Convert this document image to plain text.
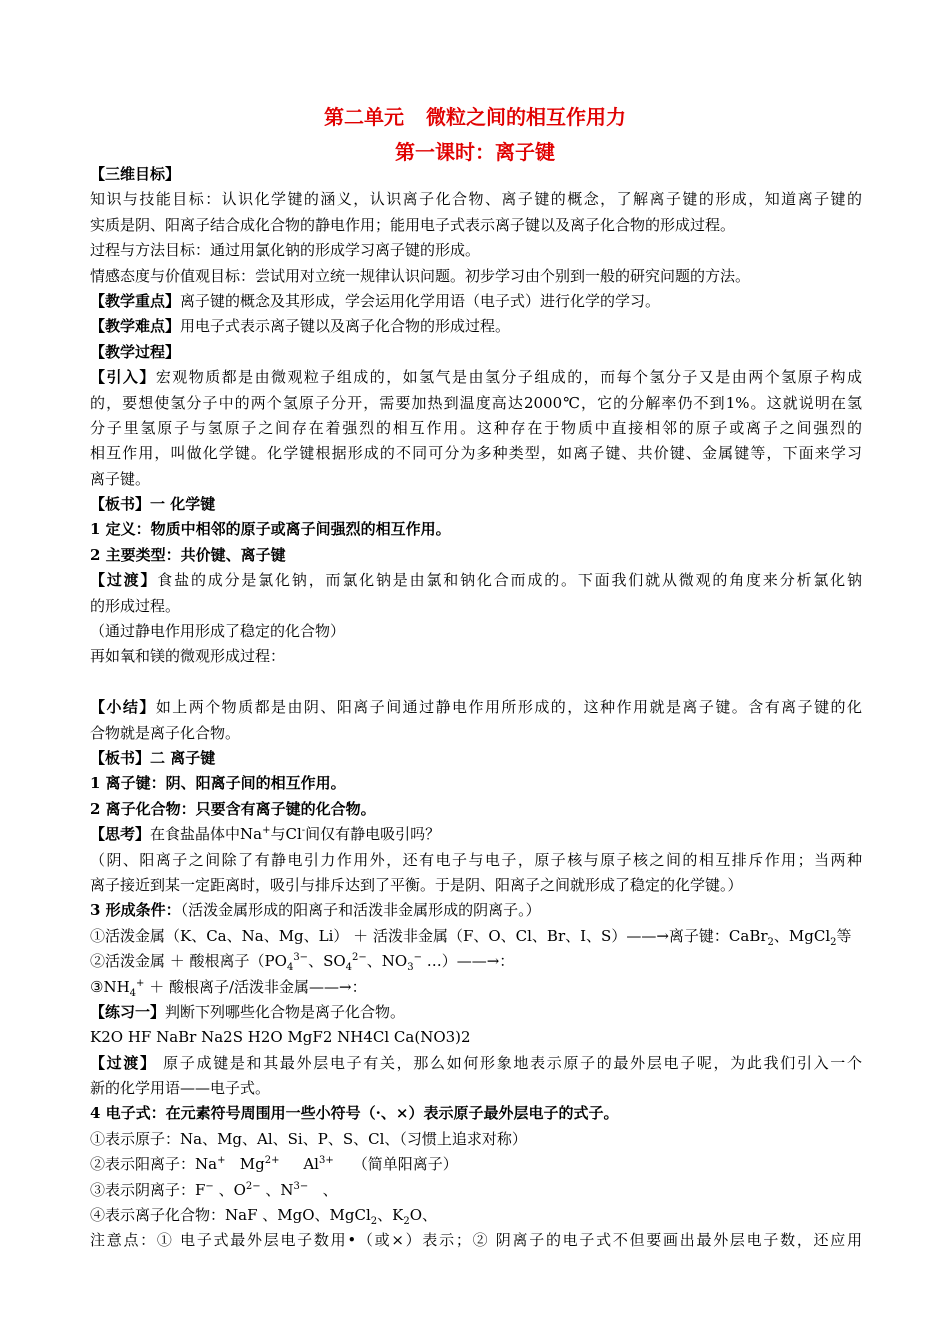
第二单元 微粒之间的相互作用力
第一课时：离子键
【三维目标】
知识与技能目标：认识化学键的涵义，认识离子化合物、离子键的概念，了解离子键的形成，知道离子键的
实质是阴、阳离子结合成化合物的静电作用；能用电子式表示离子键以及离子化合物的形成过程。
过程与方法目标：通过用氯化钠的形成学习离子键的形成。
情感态度与价值观目标：尝试用对立统一规律认识问题。初步学习由个别到一般的研究问题的方法。
【教学重点】离子键的概念及其形成，学会运用化学用语（电子式）进行化学的学习。
【教学难点】用电子式表示离子键以及离子化合物的形成过程。
【教学过程】
【引入】宏观物质都是由微观粒子组成的，如氢气是由氢分子组成的，而每个氢分子又是由两个氢原子构成
的，要想使氢分子中的两个氢原子分开，需要加热到温度高达2000℃，它的分解率仍不到1%。这就说明在氢
分子里氢原子与氢原子之间存在着强烈的相互作用。这种存在于物质中直接相邻的原子或离子之间强烈的
相互作用，叫做化学键。化学键根据形成的不同可分为多种类型，如离子键、共价键、金属键等，下面来学习
离子键。
【板书】一 化学键
1 定义：物质中相邻的原子或离子间强烈的相互作用。
2 主要类型：共价键、离子键
【过渡】食盐的成分是氯化钠，而氯化钠是由氯和钠化合而成的。下面我们就从微观的角度来分析氯化钠
的形成过程。
（通过静电作用形成了稳定的化合物）
再如氧和镁的微观形成过程：
【小结】如上两个物质都是由阴、阳离子间通过静电作用所形成的，这种作用就是离子键。含有离子键的化
合物就是离子化合物。
【板书】二 离子键
1 离子键：阴、阳离子间的相互作用。
2 离子化合物：只要含有离子键的化合物。
【思考】在食盐晶体中Na+与Cl-间仅有静电吸引吗？
（阴、阳离子之间除了有静电引力作用外，还有电子与电子，原子核与原子核之间的相互排斥作用；当两种
离子接近到某一定距离时，吸引与排斥达到了平衡。于是阴、阳离子之间就形成了稳定的化学键。）
3 形成条件：（活泼金属形成的阳离子和活泼非金属形成的阴离子。）
①活泼金属（K、Ca、Na、Mg、Li） ＋ 活泼非金属（F、O、Cl、Br、I、S）——→离子键：CaBr$_2$、MgCl$_2$等
②活泼金属 ＋ 酸根离子（$PO_4^{3-}$、$SO_4^{2-}$、$NO_3^-$ …）——→：
$③NH_4^+$ ＋ 酸根离子/活泼非金属——→：
【练习一】判断下列哪些化合物是离子化合物。
K2O HF NaBr Na2S H2O MgF2 NH4Cl Ca(NO3)2
【过渡】 原子成键是和其最外层电子有关，那么如何形象地表示原子的最外层电子呢，为此我们引入一个
新的化学用语——电子式。
4 电子式：在元素符号周围用一些小符号（·、×）表示原子最外层电子的式子。
①表示原子：Na、Mg、Al、Si、P、S、Cl、（习惯上追求对称）
②表示阳离子：Na+   $Mg^{2+}$     $Al^{3+}$    （简单阳离子）
③表示阴离子：F− 、$O^{2-}$ 、$N^{3-}$   、
④表示离子化合物：NaF 、MgO、MgCl$_2$、$K_2O$、
注意点：① 电子式最外层电子数用•（或×）表示；② 阴离子的电子式不但要画出最外层电子数，还应用
